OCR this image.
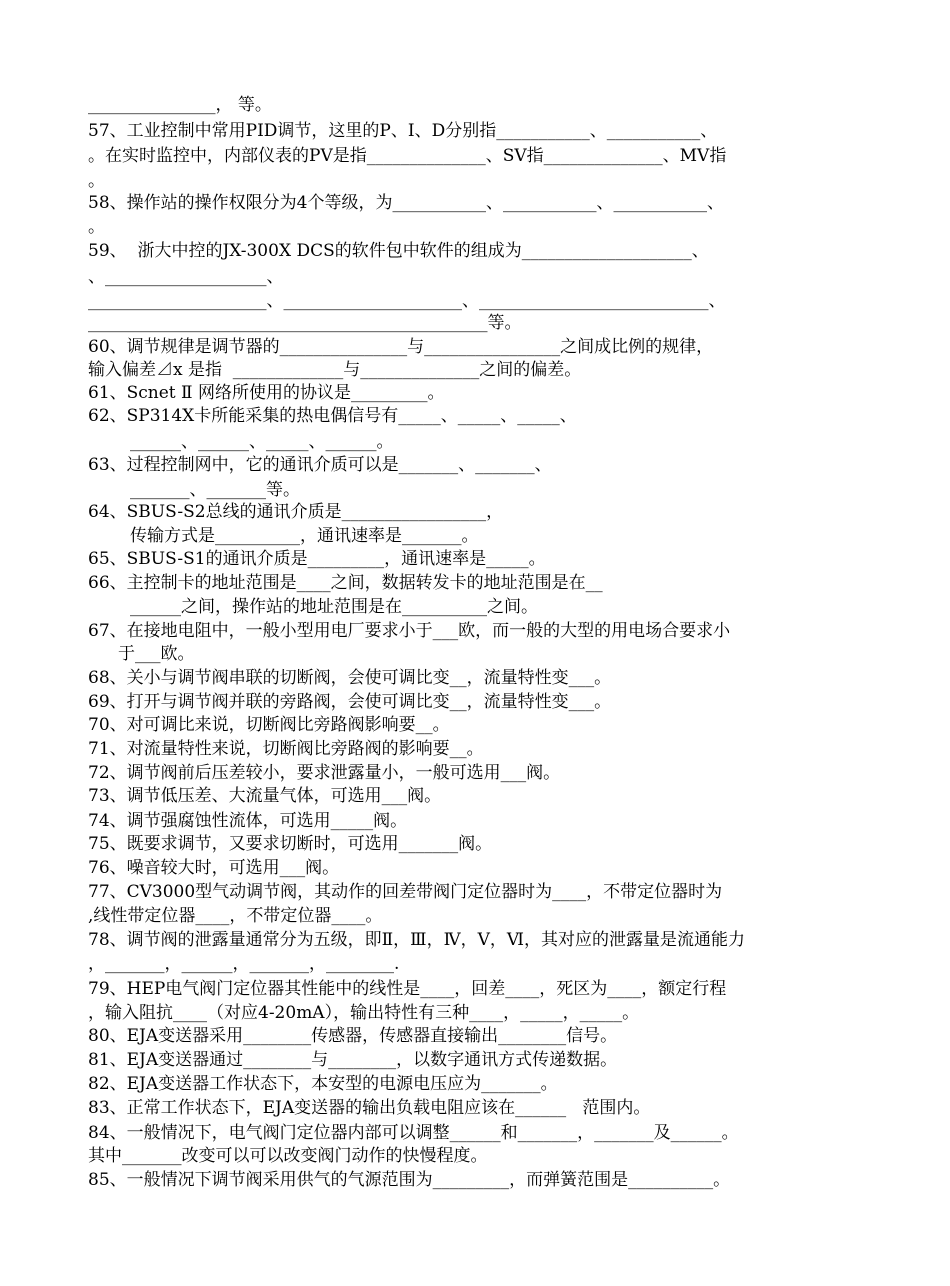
_______________， 等。
57、工业控制中常用PID调节，这里的P、I、D分别指___________、___________、
。在实时监控中，内部仪表的PV是指______________、SV指______________、MV指
。
58、操作站的操作权限分为4个等级，为___________、___________、___________、
。
59、  浙大中控的JX-300X DCS的软件包中软件的组成为____________________、
、___________________、
_____________________、_____________________、___________________________、
_______________________________________________等。
60、调节规律是调节器的_______________与________________之间成比例的规律，
输入偏差⊿x 是指  _____________与______________之间的偏差。
61、Scnet Ⅱ 网络所使用的协议是_________。
62、SP314X卡所能采集的热电偶信号有_____、_____、_____、
______、______、_____、______。
63、过程控制网中，它的通讯介质可以是_______、_______、
_______、_______等。
64、SBUS-S2总线的通讯介质是_________________，
传输方式是__________，通讯速率是_______。
65、SBUS-S1的通讯介质是_________，通讯速率是_____。
66、主控制卡的地址范围是____之间，数据转发卡的地址范围是在__
______之间，操作站的地址范围是在__________之间。
67、在接地电阻中，一般小型用电厂要求小于___欧，而一般的大型的用电场合要求小
于___欧。
68、关小与调节阀串联的切断阀，会使可调比变__，流量特性变___。
69、打开与调节阀并联的旁路阀，会使可调比变__，流量特性变___。
70、对可调比来说，切断阀比旁路阀影响要__。
71、对流量特性来说，切断阀比旁路阀的影响要__。
72、调节阀前后压差较小，要求泄露量小，一般可选用___阀。
73、调节低压差、大流量气体，可选用___阀。
74、调节强腐蚀性流体，可选用_____阀。
75、既要求调节，又要求切断时，可选用_______阀。
76、噪音较大时，可选用___阀。
77、CV3000型气动调节阀，其动作的回差带阀门定位器时为____，不带定位器时为
,线性带定位器____，不带定位器____。
78、调节阀的泄露量通常分为五级，即Ⅱ，Ⅲ，Ⅳ，Ⅴ，Ⅵ，其对应的泄露量是流通能力
，_______，______，_______，________.
79、HEP电气阀门定位器其性能中的线性是____，回差____，死区为____，额定行程
，输入阻抗____（对应4-20mA），输出特性有三种____，_____，_____。
80、EJA变送器采用________传感器，传感器直接输出________信号。
81、EJA变送器通过________与________，以数字通讯方式传递数据。
82、EJA变送器工作状态下，本安型的电源电压应为_______。
83、正常工作状态下，EJA变送器的输出负载电阻应该在______   范围内。
84、一般情况下，电气阀门定位器内部可以调整______和_______，_______及______。
其中_______改变可以可以改变阀门动作的快慢程度。
85、一般情况下调节阀采用供气的气源范围为_________，而弹簧范围是__________。
